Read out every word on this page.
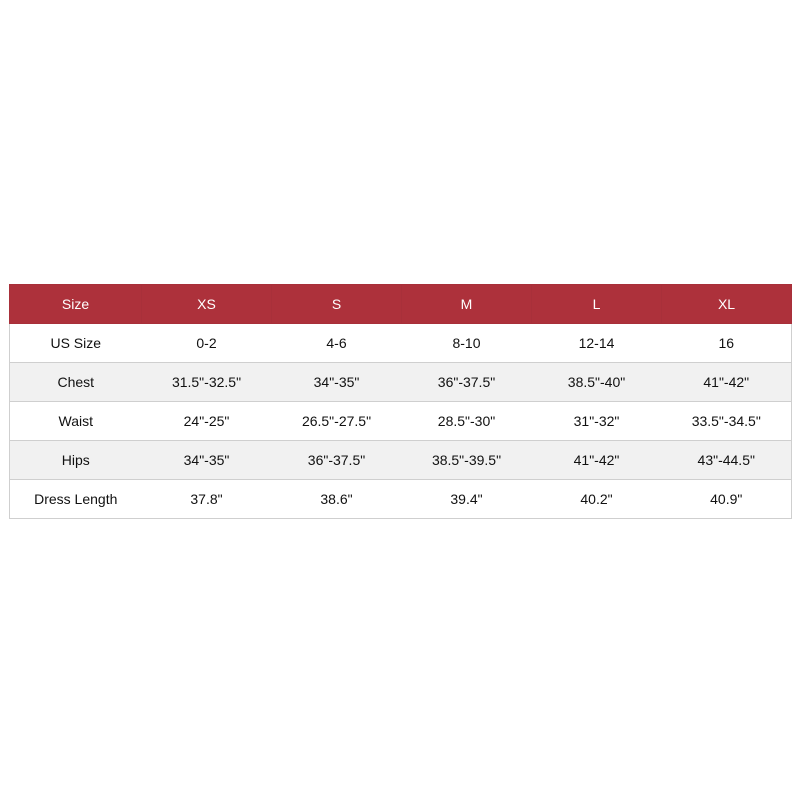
Size	XS	S	M	L	XL
US Size	0-2	4-6	8-10	12-14	16
Chest	31.5"-32.5"	34"-35"	36"-37.5"	38.5"-40"	41"-42"
Waist	24"-25"	26.5"-27.5"	28.5"-30"	31"-32"	33.5"-34.5"
Hips	34"-35"	36"-37.5"	38.5"-39.5"	41"-42"	43"-44.5"
Dress Length	37.8"	38.6"	39.4"	40.2"	40.9"
